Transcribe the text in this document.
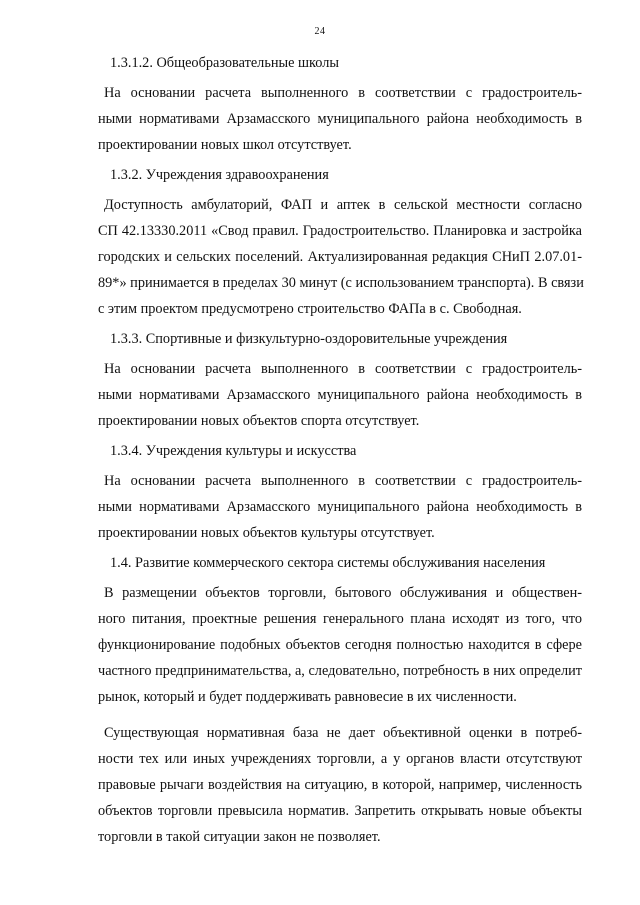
24

1.3.1.2. Общеобразовательные школы

На основании расчета выполненного в соответствии с градостроитель-
ными нормативами Арзамасского муниципального района необходимость в
проектировании новых школ отсутствует.

1.3.2. Учреждения здравоохранения

Доступность амбулаторий, ФАП и аптек в сельской местности согласно
СП 42.13330.2011 «Свод правил. Градостроительство. Планировка и застройка
городских и сельских поселений. Актуализированная редакция СНиП 2.07.01-
89*» принимается в пределах 30 минут (с использованием транспорта). В связи
с этим проектом предусмотрено строительство ФАПа в с. Свободная.

1.3.3. Спортивные и физкультурно-оздоровительные учреждения

На основании расчета выполненного в соответствии с градостроитель-
ными нормативами Арзамасского муниципального района необходимость в
проектировании новых объектов спорта отсутствует.

1.3.4. Учреждения культуры и искусства

На основании расчета выполненного в соответствии с градостроитель-
ными нормативами Арзамасского муниципального района необходимость в
проектировании новых объектов культуры отсутствует.

1.4. Развитие коммерческого сектора системы обслуживания населения

В размещении объектов торговли, бытового обслуживания и обществен-
ного питания, проектные решения генерального плана исходят из того, что
функционирование подобных объектов сегодня полностью находится в сфере
частного предпринимательства, а, следовательно, потребность в них определит
рынок, который и будет поддерживать равновесие в их численности.
Существующая нормативная база не дает объективной оценки в потреб-
ности тех или иных учреждениях торговли, а у органов власти отсутствуют
правовые рычаги воздействия на ситуацию, в которой, например, численность
объектов торговли превысила норматив. Запретить открывать новые объекты
торговли в такой ситуации закон не позволяет.
